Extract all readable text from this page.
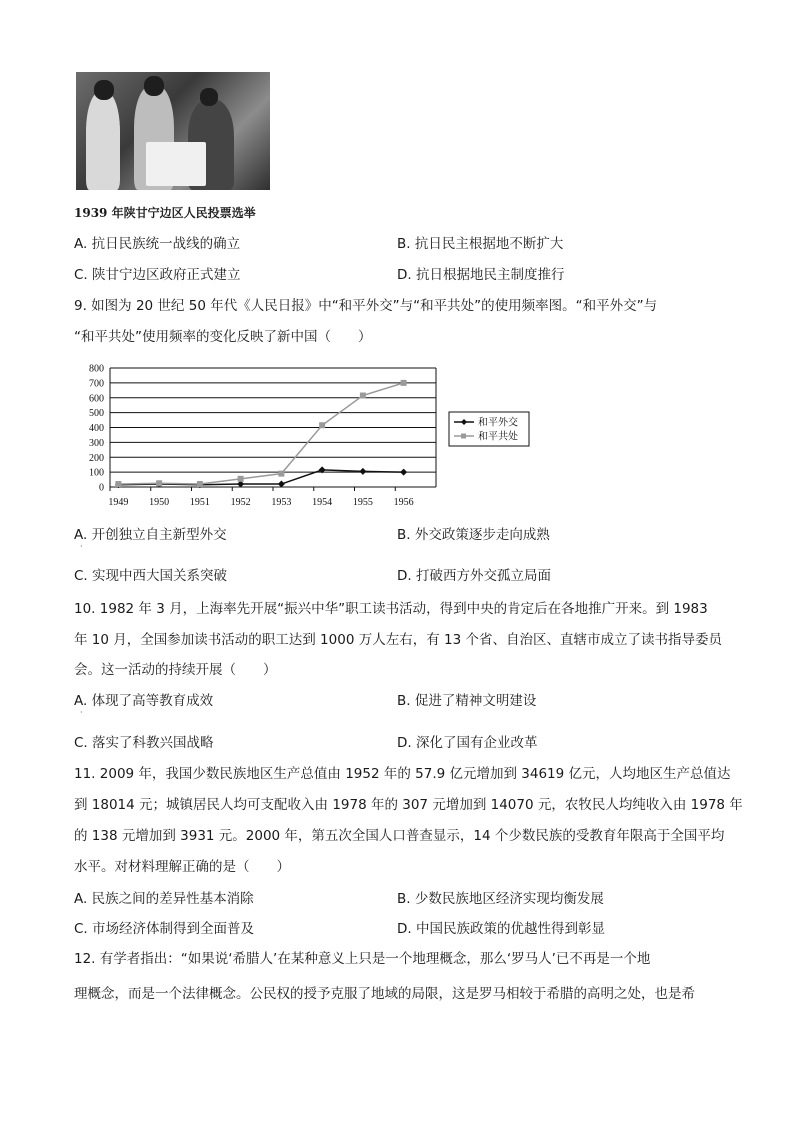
1939 年陕甘宁边区人民投票选举
A. 抗日民族统一战线的确立	B. 抗日民主根据地不断扩大
C. 陕甘宁边区政府正式建立	D. 抗日根据地民主制度推行
9. 如图为 20 世纪 50 年代《人民日报》中“和平外交”与“和平共处”的使用频率图。“和平外交”与
“和平共处”使用频率的变化反映了新中国（　　）
0
100
200
300
400
500
600
700
800
1949 1950 1951 1952 1953 1954 1955 1956
和平外交
和平共处
A. 开创独立自主新型外交
·
B. 外交政策逐步走向成熟
C. 实现中西大国关系突破	D. 打破西方外交孤立局面
10. 1982 年 3 月，上海率先开展“振兴中华”职工读书活动，得到中央的肯定后在各地推广开来。到 1983
年 10 月，全国参加读书活动的职工达到 1000 万人左右，有 13 个省、自治区、直辖市成立了读书指导委员
会。这一活动的持续开展（　　）
A. 体现了高等教育成效
·
B. 促进了精神文明建设
C. 落实了科教兴国战略	D. 深化了国有企业改革
11. 2009 年，我国少数民族地区生产总值由 1952 年的 57.9 亿元增加到 34619 亿元，人均地区生产总值达
到 18014 元；城镇居民人均可支配收入由 1978 年的 307 元增加到 14070 元，农牧民人均纯收入由 1978 年
的 138 元增加到 3931 元。2000 年，第五次全国人口普查显示，14 个少数民族的受教育年限高于全国平均
水平。对材料理解正确的是（　　）
A. 民族之间的差异性基本消除	B. 少数民族地区经济实现均衡发展
C. 市场经济体制得到全面普及	D. 中国民族政策的优越性得到彰显
12. 有学者指出：“如果说‘希腊人’在某种意义上只是一个地理概念，那么‘罗马人’已不再是一个地
理概念，而是一个法律概念。公民权的授予克服了地域的局限，这是罗马相较于希腊的高明之处，也是希
